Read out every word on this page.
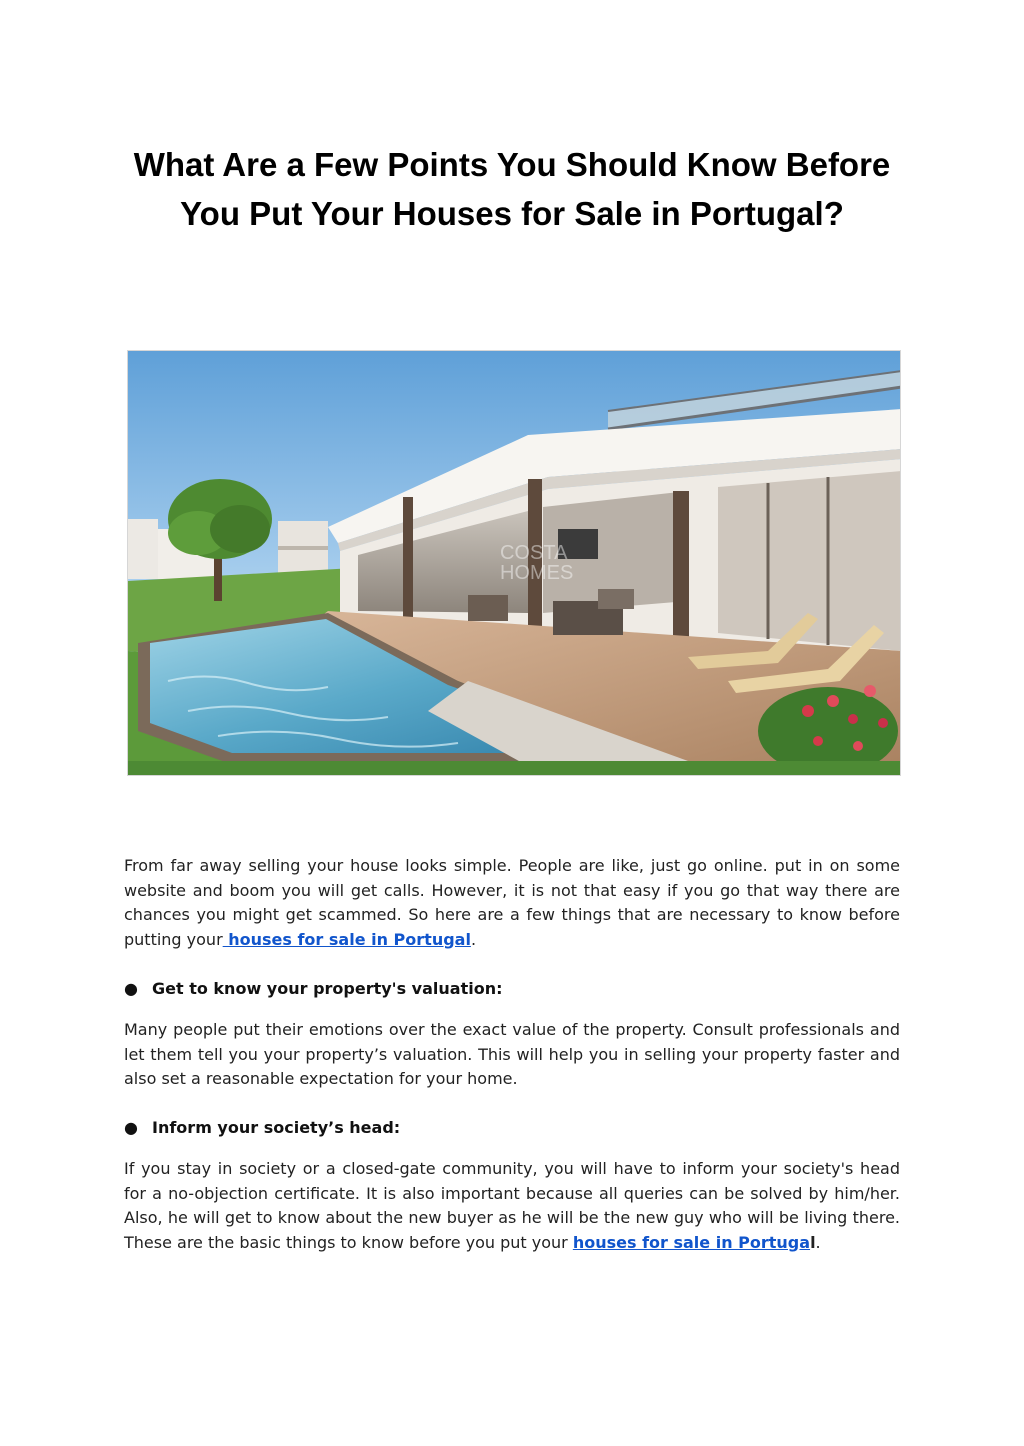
What Are a Few Points You Should Know Before You Put Your Houses for Sale in Portugal?
COSTA
HOMES

From far away selling your house looks simple. People are like, just go online. put in on some website and boom you will get calls. However, it is not that easy if you go that way there are chances you might get scammed. So here are a few things that are necessary to know before putting your houses for sale in Portugal.

● Get to know your property's valuation:

Many people put their emotions over the exact value of the property. Consult professionals and let them tell you your property’s valuation. This will help you in selling your property faster and also set a reasonable expectation for your home.

● Inform your society’s head:

If you stay in society or a closed-gate community, you will have to inform your society's head for a no-objection certificate. It is also important because all queries can be solved by him/her. Also, he will get to know about the new buyer as he will be the new guy who will be living there. These are the basic things to know before you put your houses for sale in Portugal.
